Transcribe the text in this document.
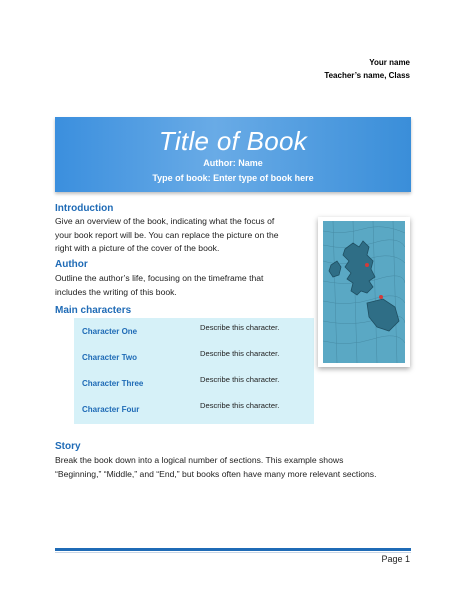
Your name
Teacher’s name, Class
Title of Book
Author: Name
Type of book: Enter type of book here
Introduction
Give an overview of the book, indicating what the focus of
your book report will be. You can replace the picture on the
right with a picture of the cover of the book.
Author
Outline the author’s life, focusing on the timeframe that
includes the writing of this book.
Main characters
Character One	Describe this character.
Character Two	Describe this character.
Character Three	Describe this character.
Character Four	Describe this character.
Story
Break the book down into a logical number of sections. This example shows
“Beginning,” “Middle,” and “End,” but books often have many more relevant sections.
Page 1
